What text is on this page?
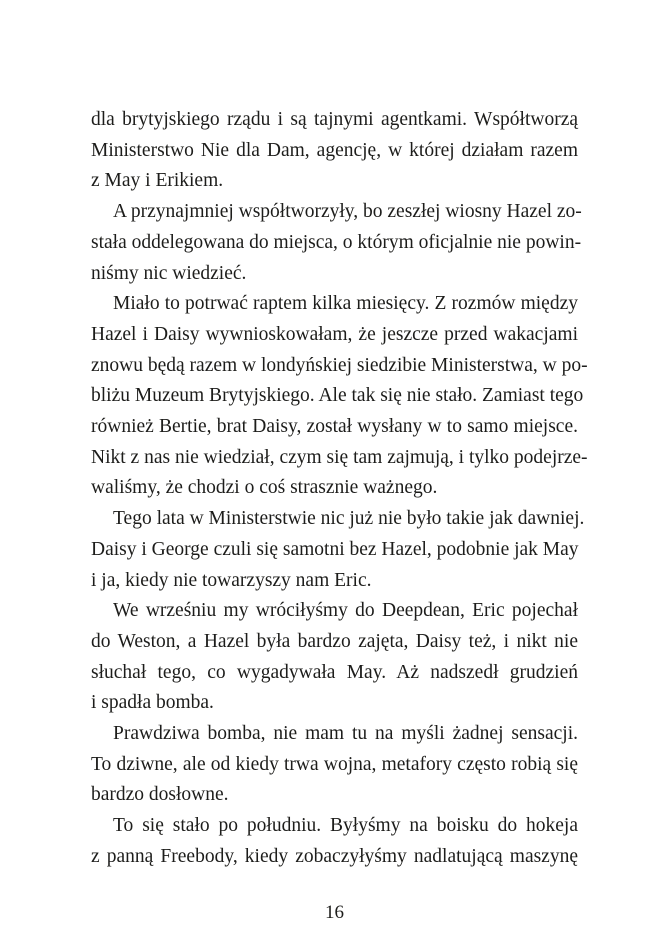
dla brytyjskiego rządu i są tajnymi agentkami. Współtworzą
Ministerstwo Nie dla Dam, agencję, w której działam razem
z May i Erikiem.

A przynajmniej współtworzyły, bo zeszłej wiosny Hazel zo-
stała oddelegowana do miejsca, o którym oficjalnie nie powin-
niśmy nic wiedzieć.

Miało to potrwać raptem kilka miesięcy. Z rozmów między
Hazel i Daisy wywnioskowałam, że jeszcze przed wakacjami
znowu będą razem w londyńskiej siedzibie Ministerstwa, w po-
bliżu Muzeum Brytyjskiego. Ale tak się nie stało. Zamiast tego
również Bertie, brat Daisy, został wysłany w to samo miejsce.
Nikt z nas nie wiedział, czym się tam zajmują, i tylko podejrze-
waliśmy, że chodzi o coś strasznie ważnego.

Tego lata w Ministerstwie nic już nie było takie jak dawniej.
Daisy i George czuli się samotni bez Hazel, podobnie jak May
i ja, kiedy nie towarzyszy nam Eric.

We wrześniu my wróciłyśmy do Deepdean, Eric pojechał
do Weston, a Hazel była bardzo zajęta, Daisy też, i nikt nie
słuchał tego, co wygadywała May. Aż nadszedł grudzień
i spadła bomba.

Prawdziwa bomba, nie mam tu na myśli żadnej sensacji.
To dziwne, ale od kiedy trwa wojna, metafory często robią się
bardzo dosłowne.

To się stało po południu. Byłyśmy na boisku do hokeja
z panną Freebody, kiedy zobaczyłyśmy nadlatującą maszynę

16
